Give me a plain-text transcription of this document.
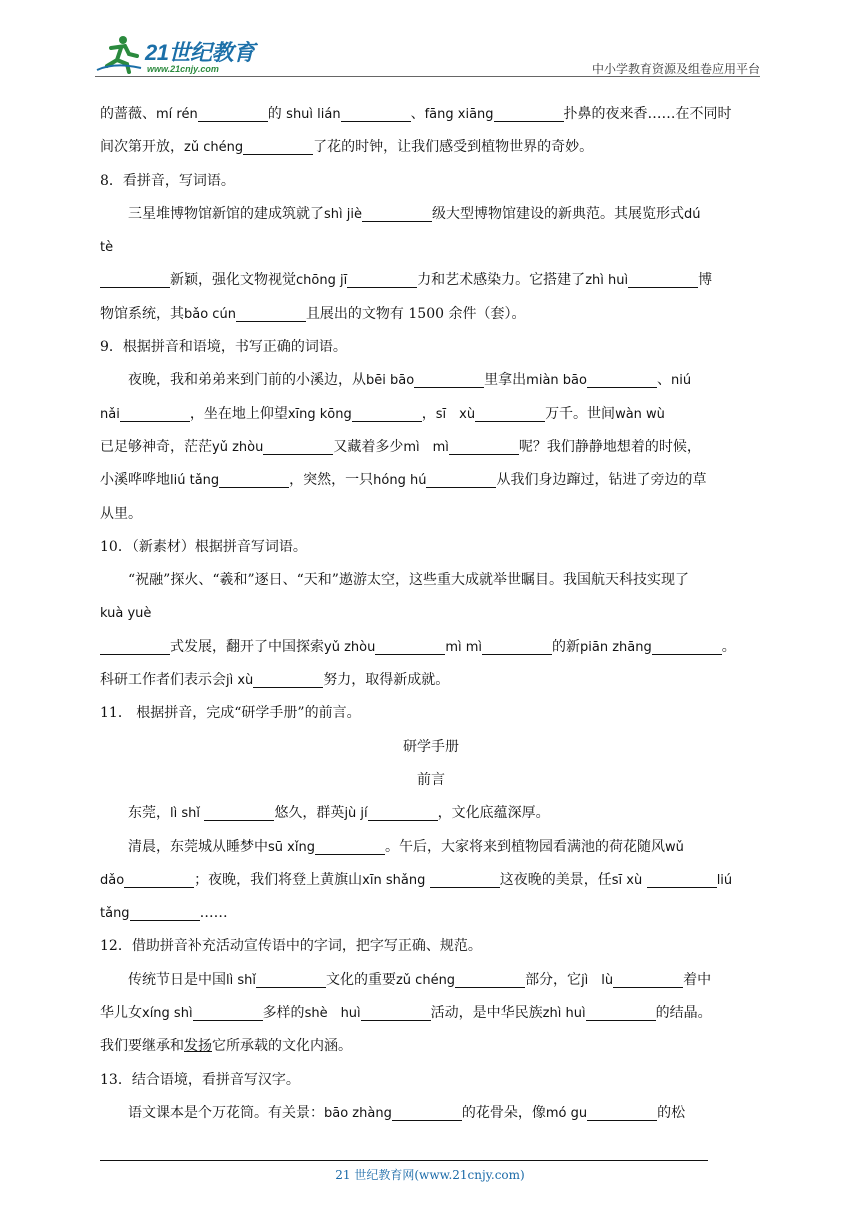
21世纪教育
www.21cnjy.com	中小学教育资源及组卷应用平台

的蔷薇、mí rén	的 shuì lián	、fāng xiāng	扑鼻的夜来香……在不同时

间次第开放，zǔ chéng	了花的时钟，让我们感受到植物世界的奇妙。

8．看拼音，写词语。

三星堆博物馆新馆的建成筑就了shì jiè	级大型博物馆建设的新典范。其展览形式dú

tè

新颖，强化文物视觉chōng jī	力和艺术感染力。它搭建了zhì huì	博

物馆系统，其bǎo cún	且展出的文物有 1500 余件（套）。

9．根据拼音和语境，书写正确的词语。

夜晚，我和弟弟来到门前的小溪边，从bēi bāo	里拿出miàn bāo	、niú

nǎi	，坐在地上仰望xīng kōng	，sī　xù	万千。世间wàn wù

已足够神奇，茫茫yǔ zhòu	又藏着多少mì　mì	呢？我们静静地想着的时候，

小溪哗哗地liú tǎng	，突然，一只hóng hú	从我们身边蹿过，钻进了旁边的草

从里。

10．（新素材）根据拼音写词语。

“祝融”探火、“羲和”逐日、“天和”遨游太空，这些重大成就举世瞩目。我国航天科技实现了

kuà yuè

式发展，翻开了中国探索yǔ zhòu	mì mì	的新piān zhāng	。

科研工作者们表示会jì xù	努力，取得新成就。

11． 根据拼音，完成“研学手册”的前言。

研学手册

前言

东莞，lì shǐ	悠久，群英jù jí	，文化底蕴深厚。

清晨，东莞城从睡梦中sū xǐng	。午后，大家将来到植物园看满池的荷花随风wǔ

dǎo	；夜晚，我们将登上黄旗山xīn shǎng	这夜晚的美景，任sī xù	liú

tǎng	……

12．借助拼音补充活动宣传语中的字词，把字写正确、规范。

传统节日是中国lì shǐ	文化的重要zǔ chéng	部分，它jì　lù	着中

华儿女xíng shì	多样的shè　huì	活动，是中华民族zhì huì	的结晶。

我们要继承和发扬它所承载的文化内涵。

13．结合语境，看拼音写汉字。

语文课本是个万花筒。有关景：bāo zhàng	的花骨朵，像mó gu	的松

21 世纪教育网(www.21cnjy.com)
